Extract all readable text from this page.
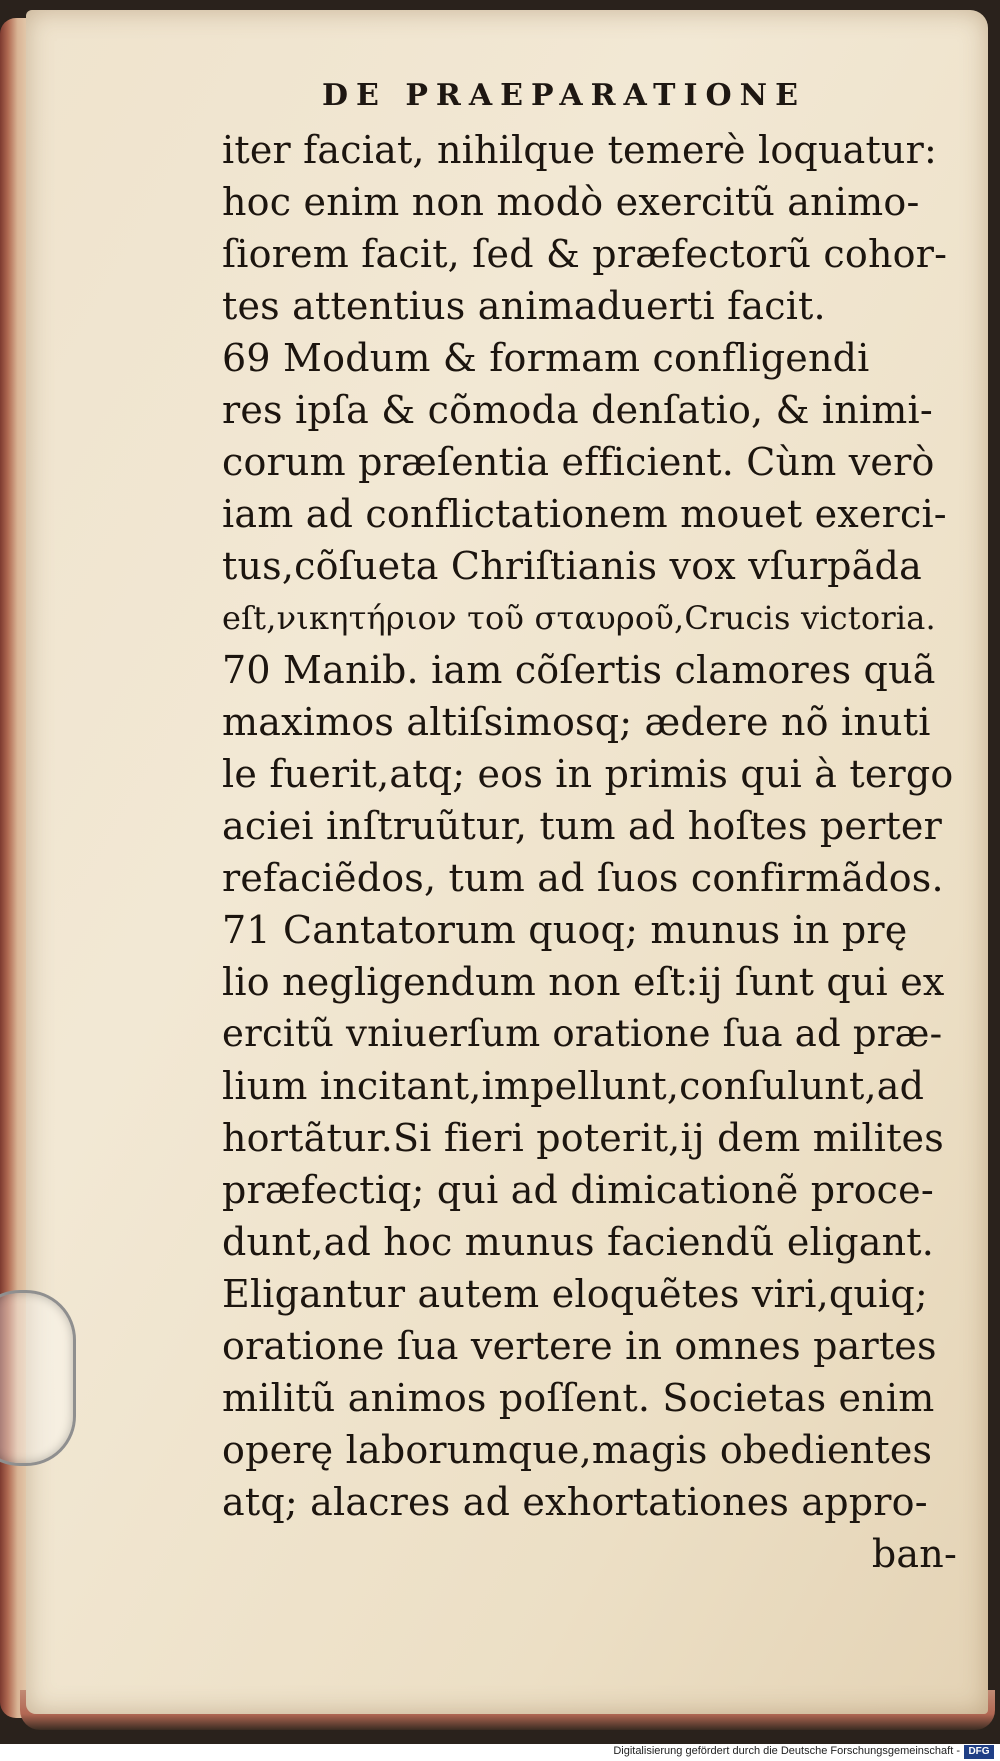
DE PRAEPARATIONE
iter faciat, nihilque temerè loquatur:
hoc enim non modò exercitũ animo-
ſiorem facit, ſed & præfectorũ cohor-
tes attentius animaduerti facit.
69 Modum & formam confligendi
res ipſa & cõmoda denſatio, & inimi-
corum præſentia efficient. Cùm verò
iam ad conflictationem mouet exerci-
tus,cõſueta Chriſtianis vox vſurpãda
eſt,νικητήριον τοῦ σταυροῦ,Crucis victoria.
70 Manib. iam cõſertis clamores quã
maximos altiſsimosq; ædere nõ inuti
le fuerit,atq; eos in primis qui à tergo
aciei inſtruũtur, tum ad hoſtes perter
refaciẽdos, tum ad ſuos confirmãdos.
71 Cantatorum quoq; munus in prę
lio negligendum non eſt:ij ſunt qui ex
ercitũ vniuerſum oratione ſua ad præ-
lium incitant,impellunt,conſulunt,ad
hortãtur.Si fieri poterit,ij dem milites
præfectiq; qui ad dimicationẽ proce-
dunt,ad hoc munus faciendũ eligant.
Eligantur autem eloquẽtes viri,quiq;
oratione ſua vertere in omnes partes
militũ animos poſſent. Societas enim
operę laborumque,magis obedientes
atq; alacres ad exhortationes appro-
ban-
Digitalisierung gefördert durch die Deutsche Forschungsgemeinschaft - DFG
